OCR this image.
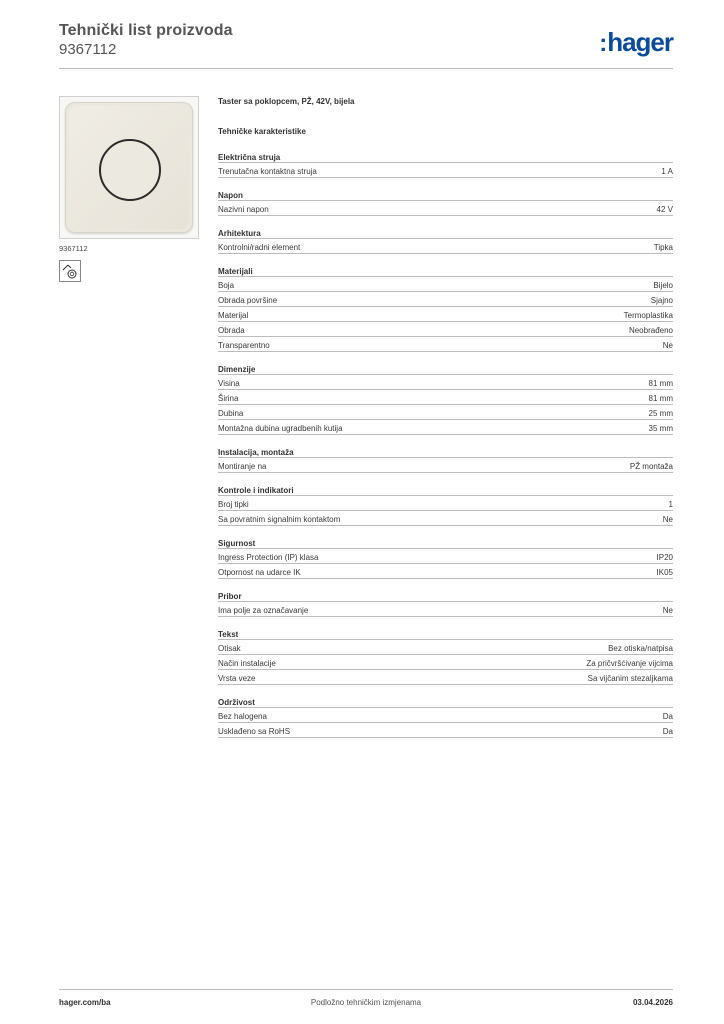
Tehnički list proizvoda
9367112	:hager
9367112
Taster sa poklopcem, PŽ, 42V, bijela
Tehničke karakteristike
Električna struja
Trenutačna kontaktna struja	1 A
Napon
Nazivni napon	42 V
Arhitektura
Kontrolni/radni element	Tipka
Materijali
Boja	Bijelo
Obrada površine	Sjajno
Materijal	Termoplastika
Obrada	Neobrađeno
Transparentno	Ne
Dimenzije
Visina	81 mm
Širina	81 mm
Dubina	25 mm
Montažna dubina ugradbenih kutija	35 mm
Instalacija, montaža
Montiranje na	PŽ montaža
Kontrole i indikatori
Broj tipki	1
Sa povratnim signalnim kontaktom	Ne
Sigurnost
Ingress Protection (IP) klasa	IP20
Otpornost na udarce IK	IK05
Pribor
Ima polje za označavanje	Ne
Tekst
Otisak	Bez otiska/natpisa
Način instalacije	Za pričvršćivanje vijcima
Vrsta veze	Sa vijčanim stezaljkama
Održivost
Bez halogena	Da
Usklađeno sa RoHS	Da
hager.com/ba	Podložno tehničkim izmjenama	03.04.2026
